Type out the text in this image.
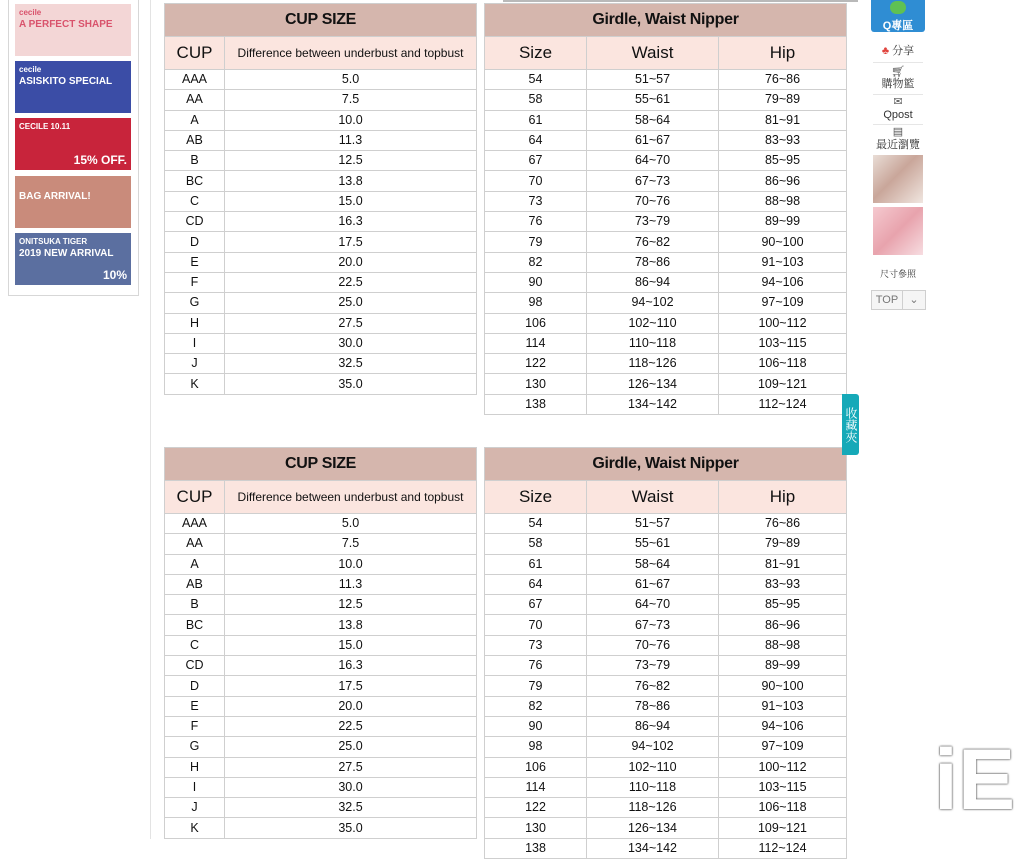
cecile
A PERFECT SHAPE
cecile
ASISKITO SPECIAL
CECILE 10.11
15% OFF.
BAG ARRIVAL!
ONITSUKA TIGER
2019 NEW ARRIVAL
10%
CUP SIZE	
CUP	Difference between underbust and topbust
AAA	5.0
AA	7.5
A	10.0
AB	11.3
B	12.5
BC	13.8
C	15.0
CD	16.3
D	17.5
E	20.0
F	22.5
G	25.0
H	27.5
I	30.0
J	32.5
K	35.0
Girdle, Waist Nipper		
Size	Waist	Hip
54	51~57	76~86
58	55~61	79~89
61	58~64	81~91
64	61~67	83~93
67	64~70	85~95
70	67~73	86~96
73	70~76	88~98
76	73~79	89~99
79	76~82	90~100
82	78~86	91~103
90	86~94	94~106
98	94~102	97~109
106	102~110	100~112
114	110~118	103~115
122	118~126	106~118
130	126~134	109~121
138	134~142	112~124
CUP SIZE	
CUP	Difference between underbust and topbust
AAA	5.0
AA	7.5
A	10.0
AB	11.3
B	12.5
BC	13.8
C	15.0
CD	16.3
D	17.5
E	20.0
F	22.5
G	25.0
H	27.5
I	30.0
J	32.5
K	35.0
Girdle, Waist Nipper		
Size	Waist	Hip
54	51~57	76~86
58	55~61	79~89
61	58~64	81~91
64	61~67	83~93
67	64~70	85~95
70	67~73	86~96
73	70~76	88~98
76	73~79	89~99
79	76~82	90~100
82	78~86	91~103
90	86~94	94~106
98	94~102	97~109
106	102~110	100~112
114	110~118	103~115
122	118~126	106~118
130	126~134	109~121
138	134~142	112~124
Q專區
♣ 分享
🛒︎
購物籃
✉
Qpost
▤
最近瀏覽
尺寸參照
TOP	⌄
收藏夾
iE
